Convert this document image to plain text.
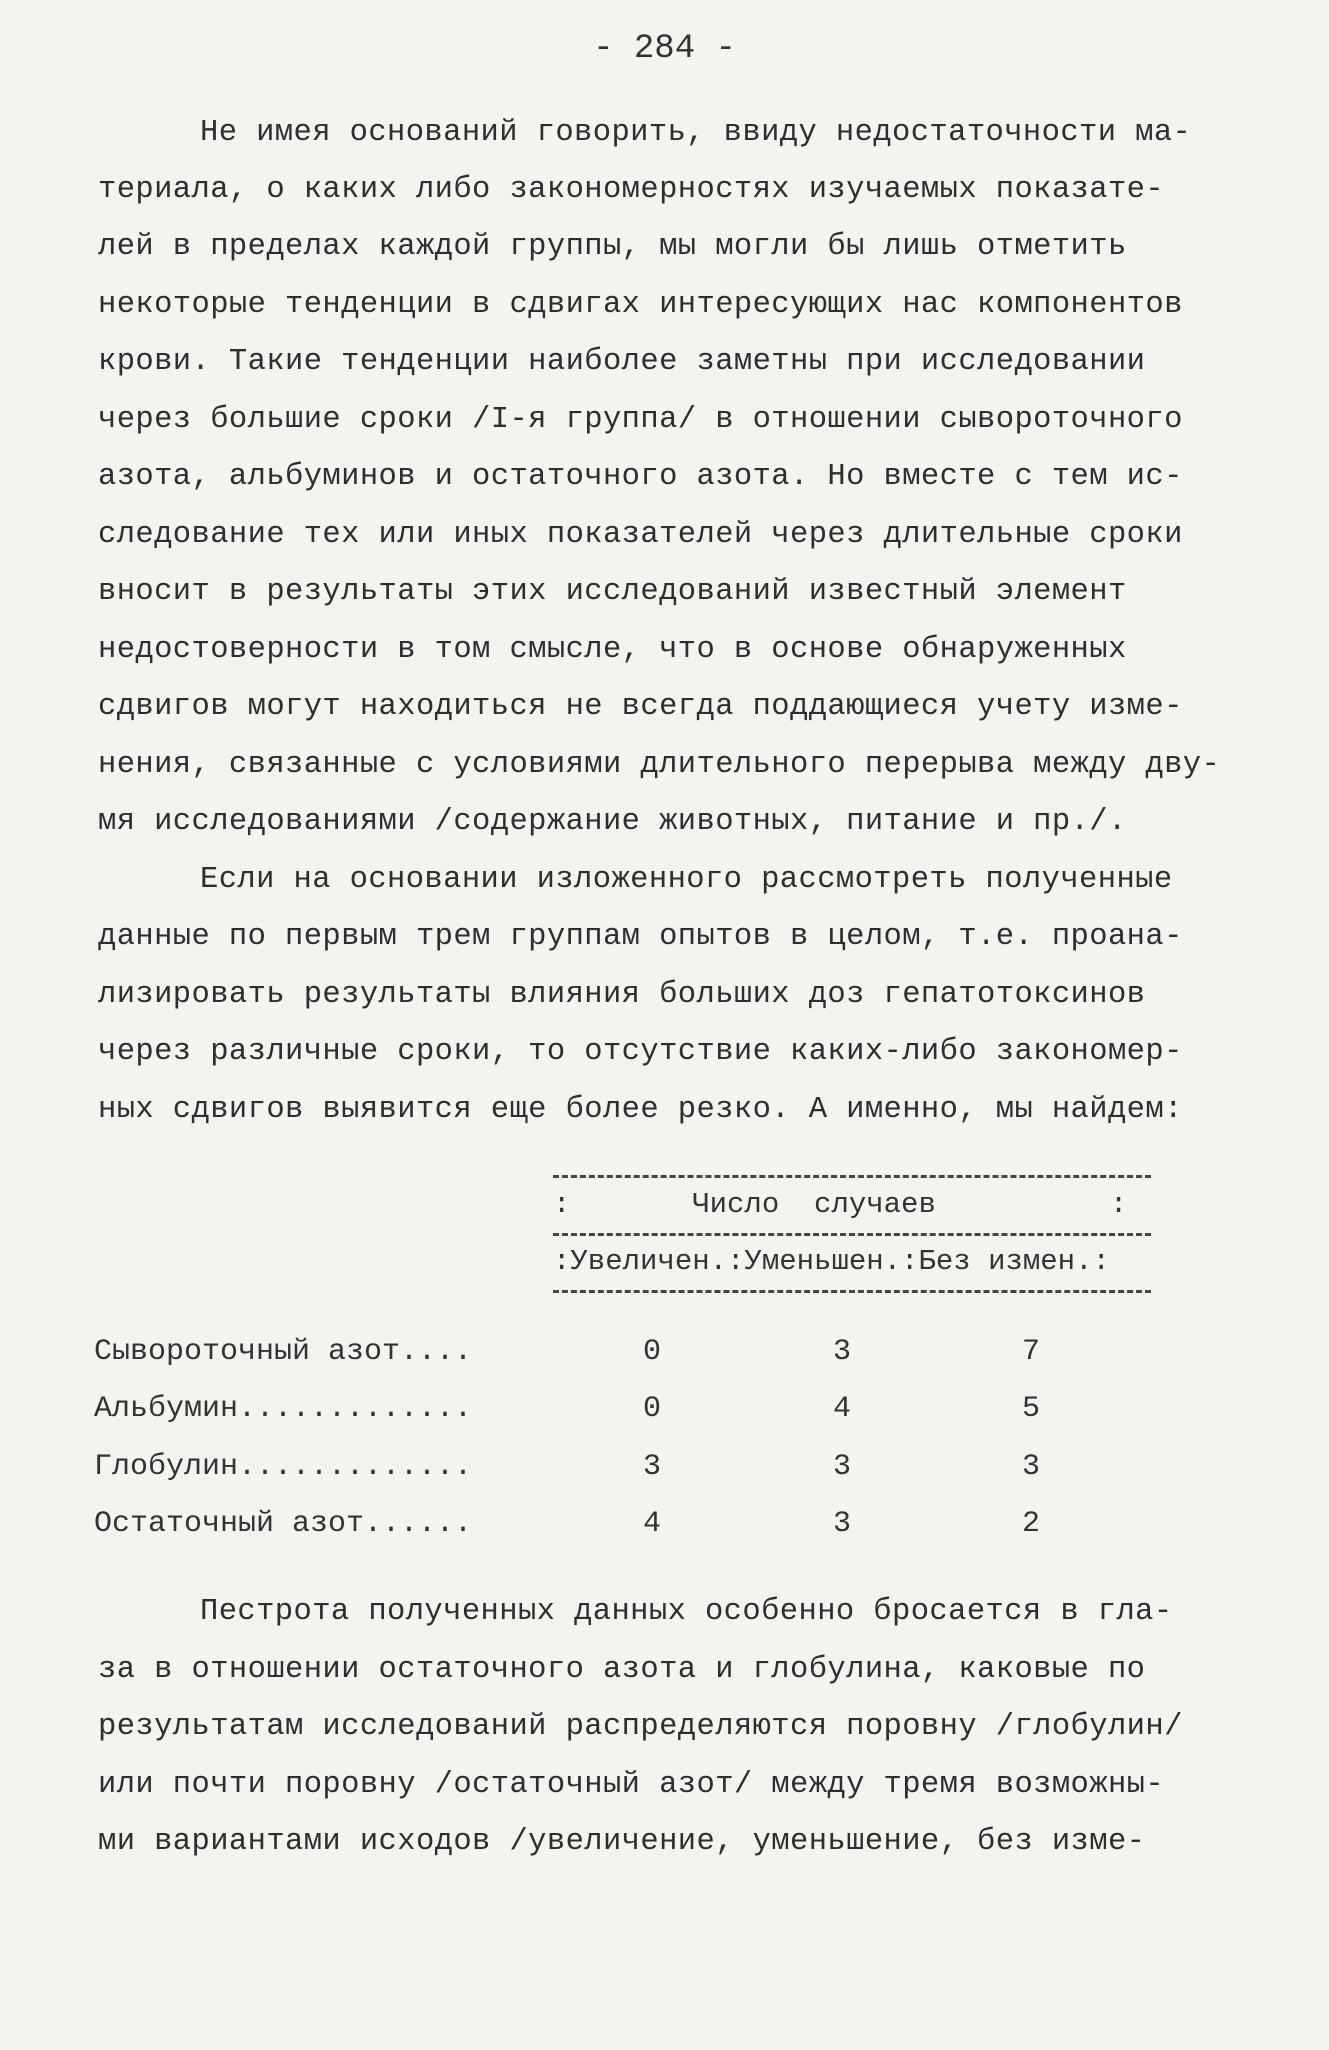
- 284 -
Не имея оснований говорить, ввиду недостаточности ма-
териала, о каких либо закономерностях изучаемых показате-
лей в пределах каждой группы, мы могли бы лишь отметить
некоторые тенденции в сдвигах интересующих нас компонентов
крови. Такие тенденции наиболее заметны при исследовании
через большие сроки /I-я группа/ в отношении сывороточного
азота, альбуминов и остаточного азота. Но вместе с тем ис-
следование тех или иных показателей через длительные сроки
вносит в результаты этих исследований известный элемент
недостоверности в том смысле, что в основе обнаруженных
сдвигов могут находиться не всегда поддающиеся учету изме-
нения, связанные с условиями длительного перерыва между дву-
мя исследованиями /содержание животных, питание и пр./.
Если на основании изложенного рассмотреть полученные
данные по первым трем группам опытов в целом, т.е. проана-
лизировать результаты влияния больших доз гепатотоксинов
через различные сроки, то отсутствие каких-либо закономер-
ных сдвигов выявится еще более резко. А именно, мы найдем:
:       Число  случаев          :
:Увеличен.:Уменьшен.:Без измен.:
Сывороточный азот....	0	3	7
Альбумин.............	0	4	5
Глобулин.............	3	3	3
Остаточный азот......	4	3	2
Пестрота полученных данных особенно бросается в гла-
за в отношении остаточного азота и глобулина, каковые по
результатам исследований распределяются поровну /глобулин/
или почти поровну /остаточный азот/ между тремя возможны-
ми вариантами исходов /увеличение, уменьшение, без изме-
